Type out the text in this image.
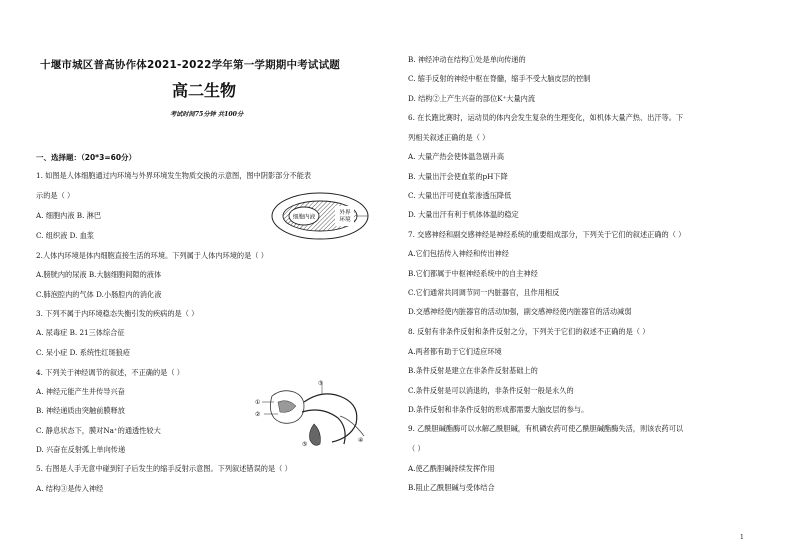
十堰市城区普高协作体2021-2022学年第一学期期中考试试题
高二生物
考试时间75分钟 共100分
一、选择题：（20*3=60分）
1. 如图是人体细胞通过内环境与外界环境发生物质交换的示意图，图中阴影部分不能表
示的是（ ）
A. 细胞内液 B. 淋巴
C. 组织液 D. 血浆
2.人体内环境是体内细胞直接生活的环境。下列属于人体内环境的是（ ）
A.膀胱内的尿液 B.大脑细胞间隙的液体
C.肺泡腔内的气体 D.小肠腔内的消化液
3. 下列不属于内环境稳态失衡引发的疾病的是（ ）
A. 尿毒症 B. 21三体综合征
C. 呆小症 D. 系统性红斑狼疮
4. 下列关于神经调节的叙述，不正确的是（ ）
A. 神经元能产生并传导兴奋
B. 神经递质由突触前膜释放
C. 静息状态下，膜对Na⁺的通透性较大
D. 兴奋在反射弧上单向传递
5. 右图是人手无意中碰到钉子后发生的缩手反射示意图。下列叙述错误的是（ ）
A. 结构③是传入神经
B. 神经冲动在结构①处是单向传递的
C. 缩手反射的神经中枢在脊髓，缩手不受大脑皮层的控制
D. 结构②上产生兴奋的部位K⁺大量内流
6. 在长跑比赛时，运动员的体内会发生复杂的生理变化，如机体大量产热、出汗等。下
列相关叙述正确的是（ ）
A. 大量产热会使体温急剧升高
B. 大量出汗会使血浆的pH下降
C. 大量出汗可使血浆渗透压降低
D. 大量出汗有利于机体体温的稳定
7. 交感神经和副交感神经是神经系统的重要组成部分，下列关于它们的叙述正确的（ ）
A.它们包括传入神经和传出神经
B.它们都属于中枢神经系统中的自主神经
C.它们通常共同调节同一内脏器官，且作用相反
D.交感神经使内脏器官的活动加强，副交感神经使内脏器官的活动减弱
8. 反射有非条件反射和条件反射之分，下列关于它们的叙述不正确的是（ ）
A.两者都有助于它们适应环境
B.条件反射是建立在非条件反射基础上的
C.条件反射是可以消退的，非条件反射一般是永久的
D.条件反射和非条件反射的形成都需要大脑皮层的参与。
9. 乙酰胆碱酯酶可以水解乙酰胆碱，有机磷农药可使乙酰胆碱酯酶失活，则该农药可以
（ ）
A.使乙酰胆碱持续发挥作用
B.阻止乙酰胆碱与受体结合
细胞内液
外界环境
①
②
③
④
⑤
1
